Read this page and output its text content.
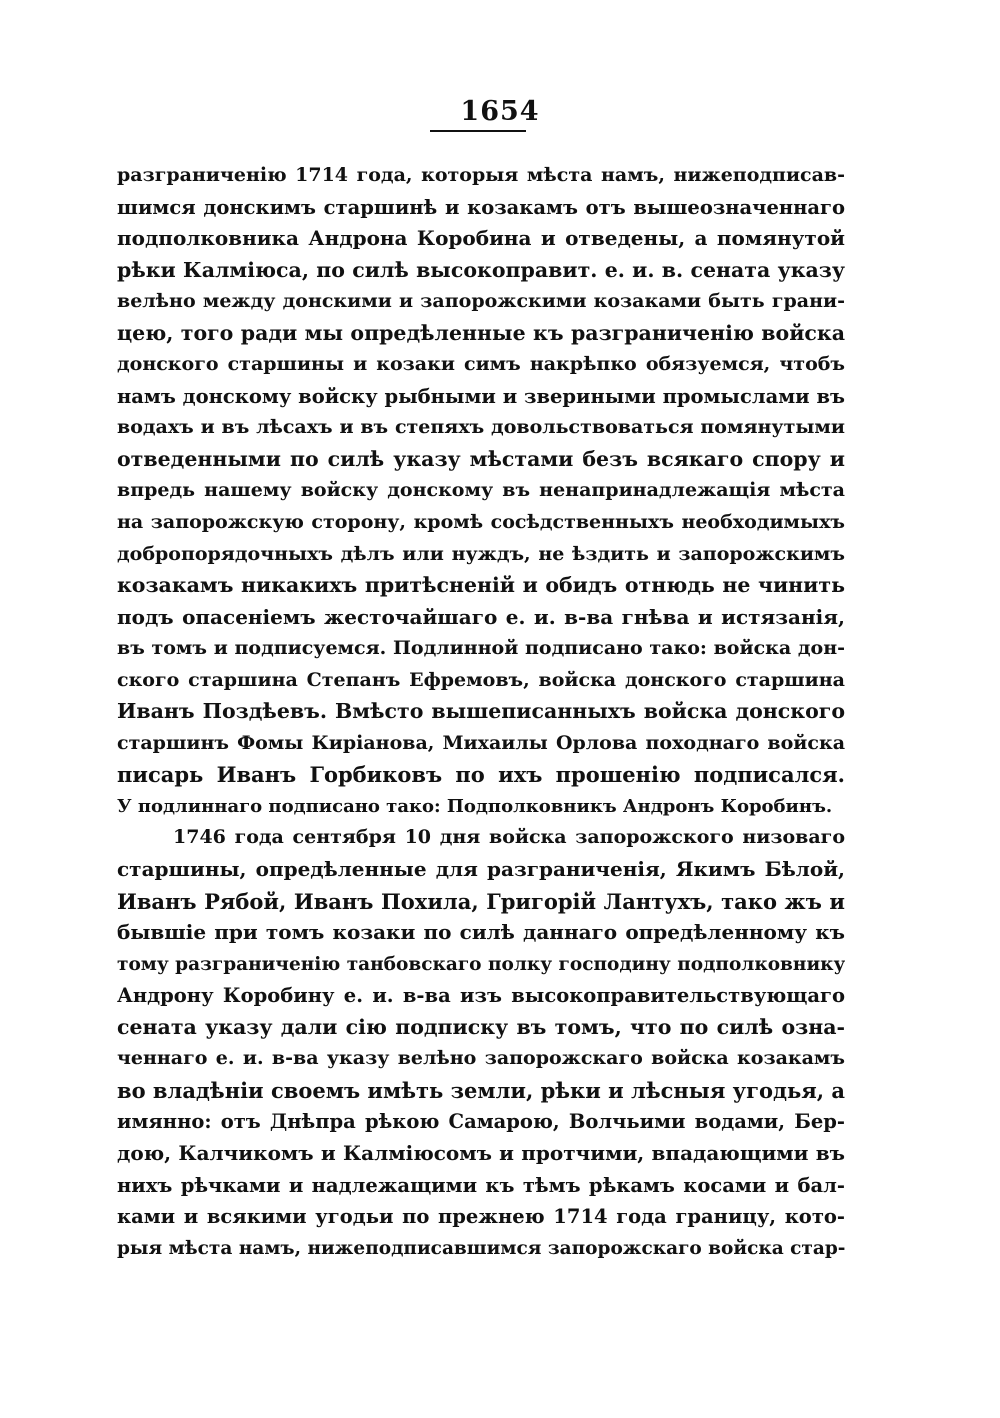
1654
разграниченiю 1714 года, которыя мѣста намъ, нижеподписав-
шимся донскимъ старшинѣ и козакамъ отъ вышеозначеннаго
подполковника Андрона Коробина и отведены, а помянутой
рѣки Калмiюса, по силѣ высокоправит. е. и. в. сената указу
велѣно между донскими и запорожскими козаками быть грани-
цею, того ради мы опредѣленные къ разграниченiю войска
донского старшины и козаки симъ накрѣпко обязуемся, чтобъ
намъ донскому войску рыбными и звериными промыслами въ
водахъ и въ лѣсахъ и въ степяхъ довольствоваться помянутыми
отведенными по силѣ указу мѣстами безъ всякаго спору и
впредь нашему войску донскому въ ненапринадлежащiя мѣста
на запорожскую сторону, кромѣ сосѣдственныхъ необходимыхъ
добропорядочныхъ дѣлъ или нуждъ, не ѣздить и запорожскимъ
козакамъ никакихъ притѣсненiй и обидъ отнюдь не чинить
подъ опасенiемъ жесточайшаго е. и. в-ва гнѣва и истязанiя,
въ томъ и подписуемся. Подлинной подписано тако: войска дон-
ского старшина Степанъ Ефремовъ, войска донского старшина
Иванъ Поздѣевъ. Вмѣсто вышеписанныхъ войска донского
старшинъ Фомы Кирiанова, Михаилы Орлова походнаго войска
писарь Иванъ Горбиковъ по ихъ прошенiю подписался.
У подлиннаго подписано тако: Подполковникъ Андронъ Коробинъ.
1746 года сентября 10 дня войска запорожского низоваго
старшины, опредѣленные для разграниченiя, Якимъ Бѣлой,
Иванъ Рябой, Иванъ Похила, Григорiй Лантухъ, тако жъ и
бывшiе при томъ козаки по силѣ даннаго опредѣленному къ
тому разграниченiю танбовскаго полку господину подполковнику
Андрону Коробину е. и. в-ва изъ высокоправительствующаго
сената указу дали сiю подписку въ томъ, что по силѣ озна-
ченнаго е. и. в-ва указу велѣно запорожскаго войска козакамъ
во владѣнiи своемъ имѣть земли, рѣки и лѣсныя угодья, а
имянно: отъ Днѣпра рѣкою Самарою, Волчьими водами, Бер-
дою, Калчикомъ и Калмiюсомъ и протчими, впадающими въ
нихъ рѣчками и надлежащими къ тѣмъ рѣкамъ косами и бал-
ками и всякими угодьи по прежнею 1714 года границу, кото-
рыя мѣста намъ, нижеподписавшимся запорожскаго войска стар-
